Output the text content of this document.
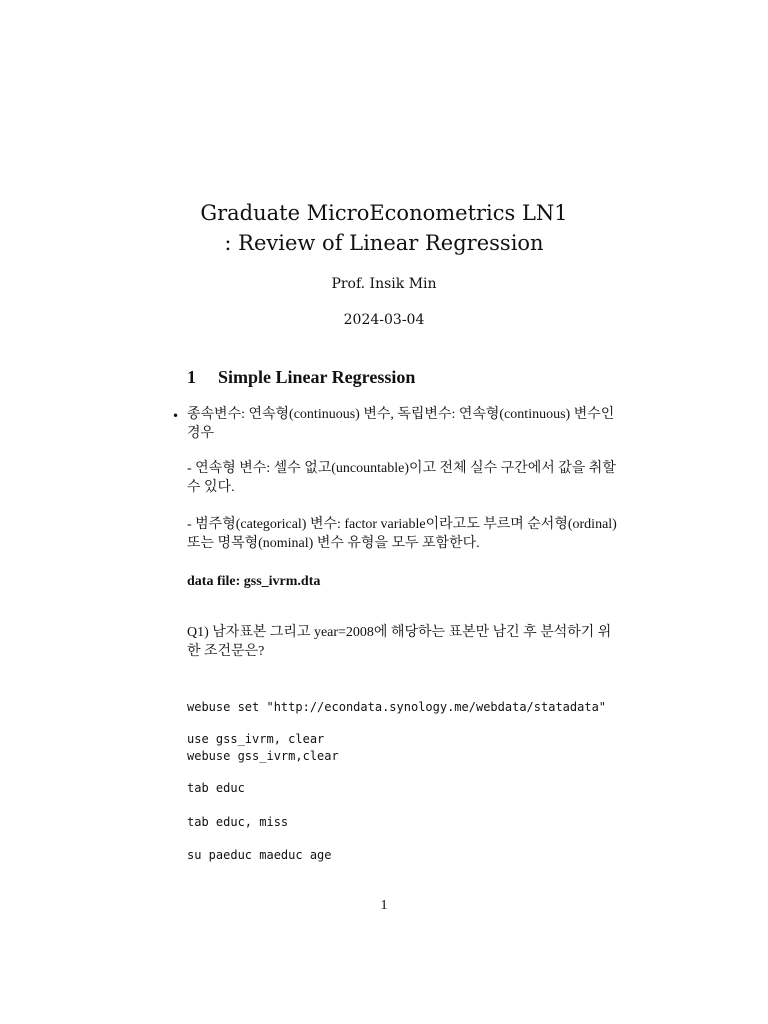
Graduate MicroEconometrics LN1
: Review of Linear Regression
Prof. Insik Min
2024-03-04
1 Simple Linear Regression
• 종속변수: 연속형(continuous) 변수, 독립변수: 연속형(continuous) 변수인 경우
- 연속형 변수: 셀수 없고(uncountable)이고 전체 실수 구간에서 값을 취할 수 있다.
- 범주형(categorical) 변수: factor variable이라고도 부르며 순서형(ordinal) 또는 명목형(nominal) 변수 유형을 모두 포함한다.
data file: gss_ivrm.dta
Q1) 남자표본 그리고 year=2008에 해당하는 표본만 남긴 후 분석하기 위한 조건문은?
webuse set "http://econdata.synology.me/webdata/statadata"
use gss_ivrm, clear
webuse gss_ivrm,clear
tab educ
tab educ, miss
su paeduc maeduc age
1
